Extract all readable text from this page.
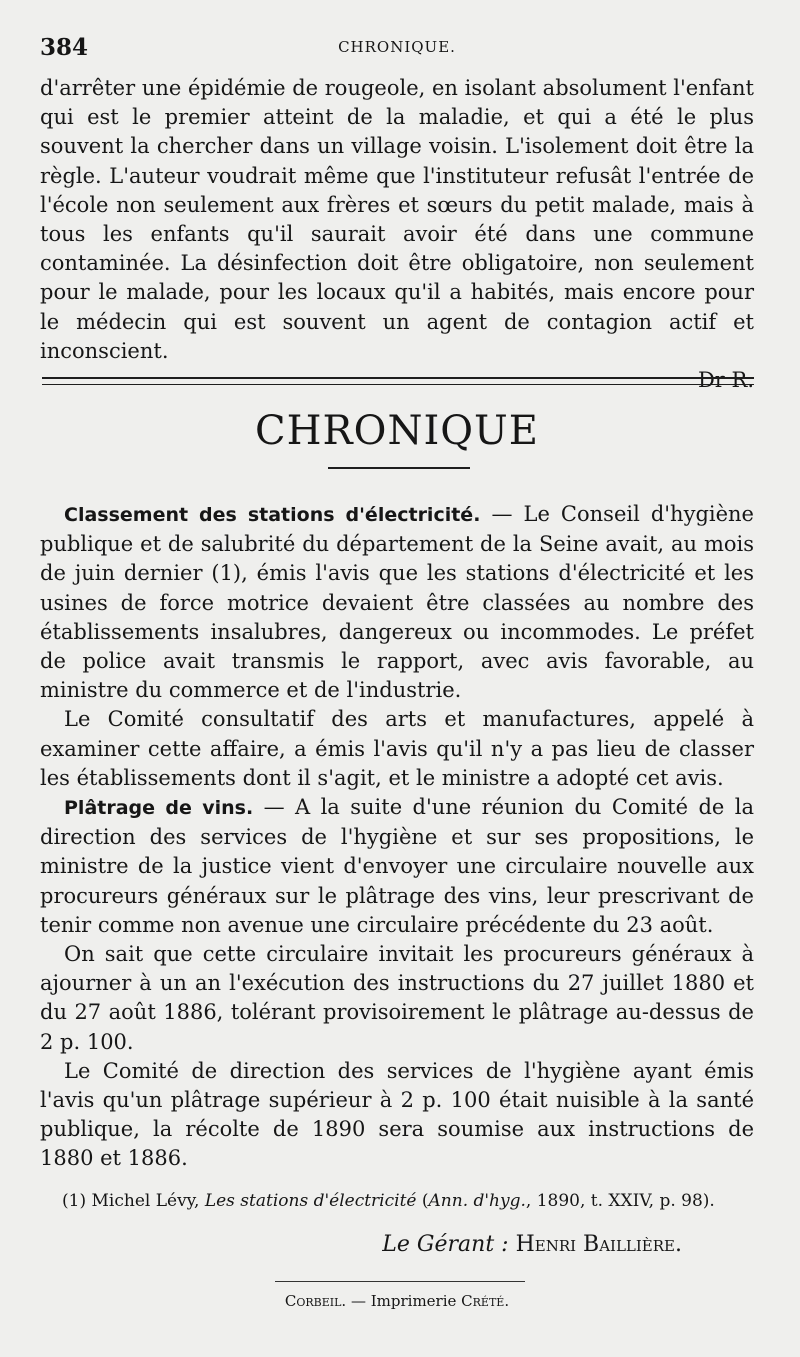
384	CHRONIQUE.

d'arrêter une épidémie de rougeole, en isolant absolument l'enfant qui est le premier atteint de la maladie, et qui a été le plus souvent la chercher dans un village voisin. L'isolement doit être la règle. L'auteur voudrait même que l'instituteur refusât l'entrée de l'école non seulement aux frères et sœurs du petit malade, mais à tous les enfants qu'il saurait avoir été dans une commune contaminée. La désinfection doit être obligatoire, non seulement pour le malade, pour les locaux qu'il a habités, mais encore pour le médecin qui est souvent un agent de contagion actif et inconscient.

Dr R.

CHRONIQUE

Classement des stations d'électricité. — Le Conseil d'hygiène publique et de salubrité du département de la Seine avait, au mois de juin dernier (1), émis l'avis que les stations d'électricité et les usines de force motrice devaient être classées au nombre des établissements insalubres, dangereux ou incommodes. Le préfet de police avait transmis le rapport, avec avis favorable, au ministre du commerce et de l'industrie.

Le Comité consultatif des arts et manufactures, appelé à examiner cette affaire, a émis l'avis qu'il n'y a pas lieu de classer les établissements dont il s'agit, et le ministre a adopté cet avis.

Plâtrage de vins. — A la suite d'une réunion du Comité de la direction des services de l'hygiène et sur ses propositions, le ministre de la justice vient d'envoyer une circulaire nouvelle aux procureurs généraux sur le plâtrage des vins, leur prescrivant de tenir comme non avenue une circulaire précédente du 23 août.

On sait que cette circulaire invitait les procureurs généraux à ajourner à un an l'exécution des instructions du 27 juillet 1880 et du 27 août 1886, tolérant provisoirement le plâtrage au-dessus de 2 p. 100.

Le Comité de direction des services de l'hygiène ayant émis l'avis qu'un plâtrage supérieur à 2 p. 100 était nuisible à la santé publique, la récolte de 1890 sera soumise aux instructions de 1880 et 1886.

(1) Michel Lévy, Les stations d'électricité (Ann. d'hyg., 1890, t. XXIV, p. 98).
Le Gérant : Henri Baillière.
Corbeil. — Imprimerie Crété.
